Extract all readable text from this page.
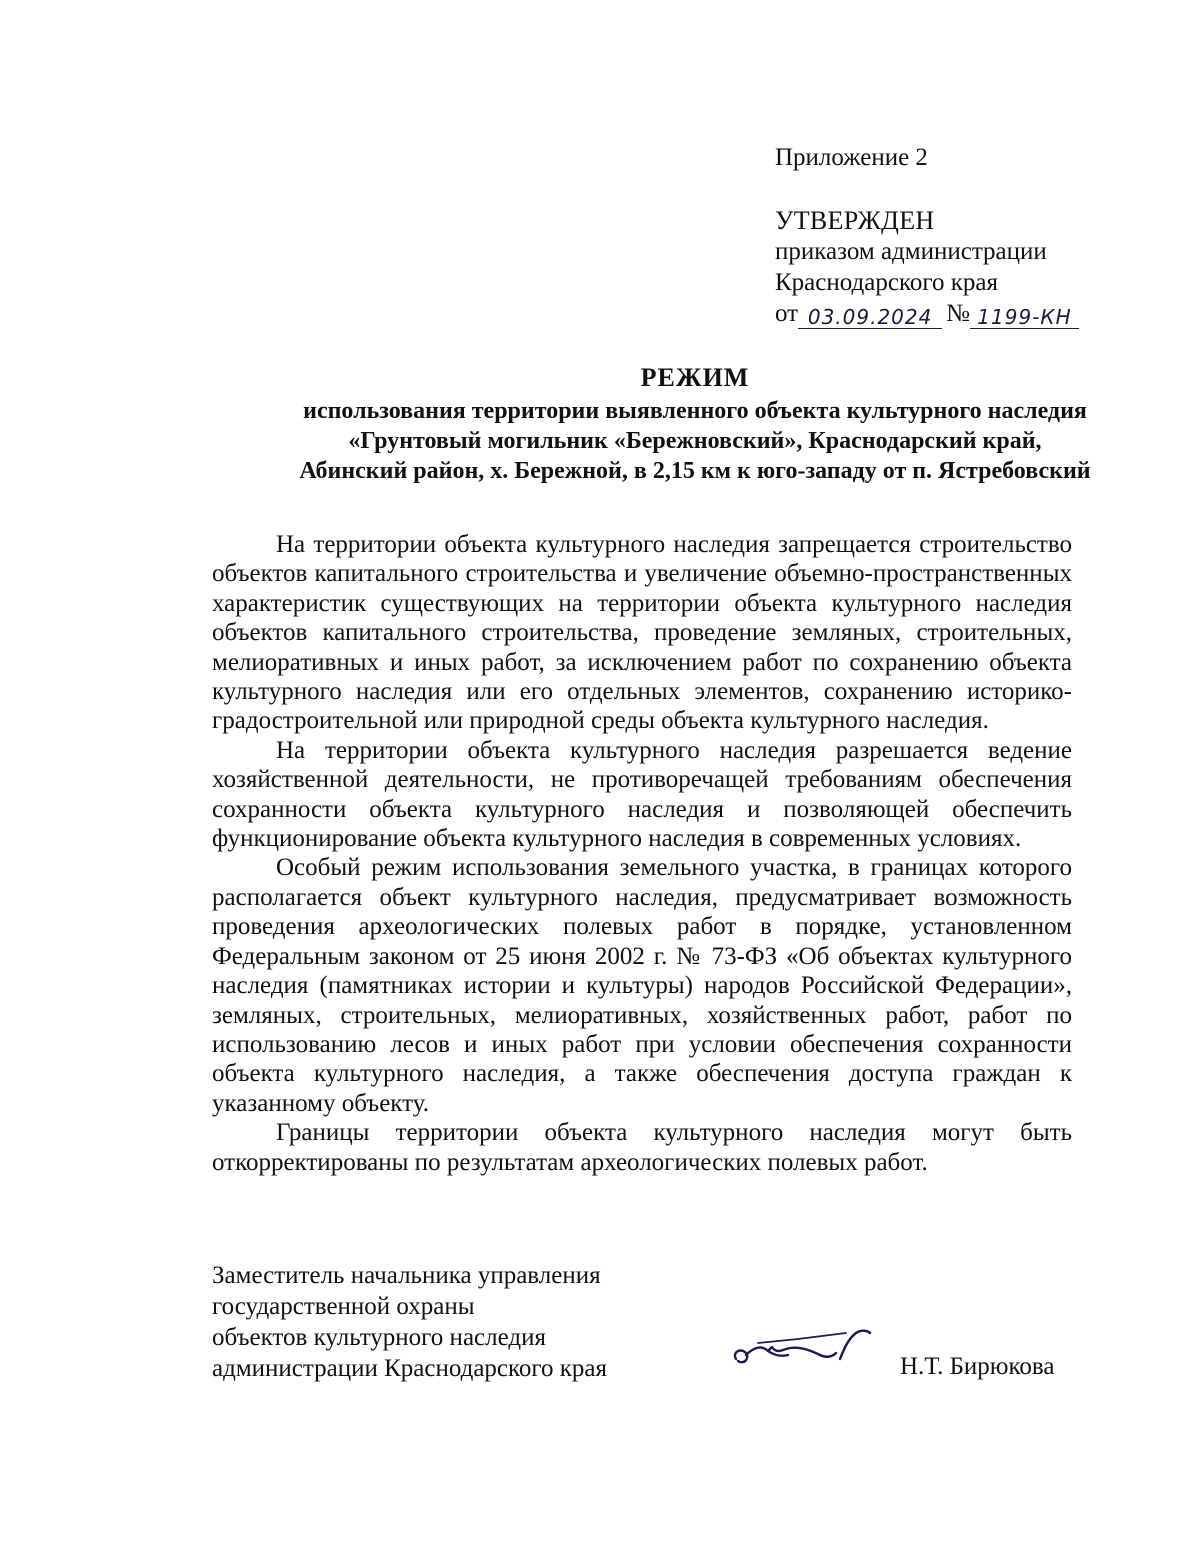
Приложение 2
УТВЕРЖДЕН
приказом администрации
Краснодарского края
от 03.09.2024 № 1199-КН
РЕЖИМ
использования территории выявленного объекта культурного наследия
«Грунтовый могильник «Бережновский», Краснодарский край,
Абинский район, х. Бережной, в 2,15 км к юго-западу от п. Ястребовский

На территории объекта культурного наследия запрещается строительство объектов капитального строительства и увеличение объемно-пространственных характеристик существующих на территории объекта культурного наследия объектов капитального строительства, проведение земляных, строительных, мелиоративных и иных работ, за исключением работ по сохранению объекта культурного наследия или его отдельных элементов, сохранению историко-градостроительной или природной среды объекта культурного наследия.

На территории объекта культурного наследия разрешается ведение хозяйственной деятельности, не противоречащей требованиям обеспечения сохранности объекта культурного наследия и позволяющей обеспечить функционирование объекта культурного наследия в современных условиях.

Особый режим использования земельного участка, в границах которого располагается объект культурного наследия, предусматривает возможность проведения археологических полевых работ в порядке, установленном Федеральным законом от 25 июня 2002 г. № 73-ФЗ «Об объектах культурного наследия (памятниках истории и культуры) народов Российской Федерации», земляных, строительных, мелиоративных, хозяйственных работ, работ по использованию лесов и иных работ при условии обеспечения сохранности объекта культурного наследия, а также обеспечения доступа граждан к указанному объекту.

Границы территории объекта культурного наследия могут быть откорректированы по результатам археологических полевых работ.

Заместитель начальника управления
государственной охраны
объектов культурного наследия
администрации Краснодарского края	Н.Т. Бирюкова
